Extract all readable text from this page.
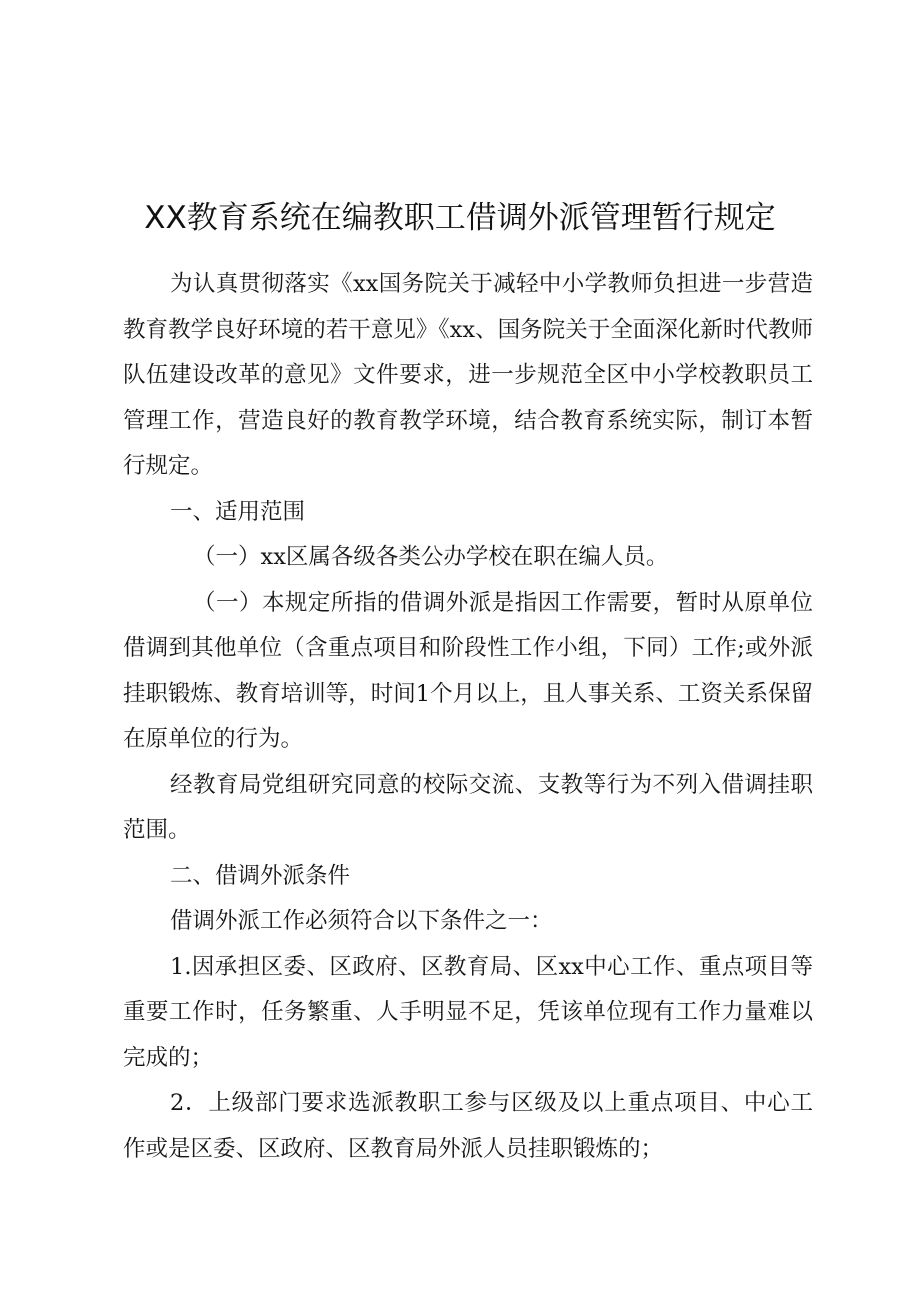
XX教育系统在编教职工借调外派管理暂行规定

为认真贯彻落实《xx国务院关于减轻中小学教师负担进一步营造教育教学良好环境的若干意见》《xx、国务院关于全面深化新时代教师队伍建设改革的意见》文件要求，进一步规范全区中小学校教职员工管理工作，营造良好的教育教学环境，结合教育系统实际，制订本暂行规定。

一、适用范围

（一）xx区属各级各类公办学校在职在编人员。

（一）本规定所指的借调外派是指因工作需要，暂时从原单位借调到其他单位（含重点项目和阶段性工作小组，下同）工作;或外派挂职锻炼、教育培训等，时间1个月以上，且人事关系、工资关系保留在原单位的行为。

经教育局党组研究同意的校际交流、支教等行为不列入借调挂职范围。

二、借调外派条件

借调外派工作必须符合以下条件之一：

1.因承担区委、区政府、区教育局、区xx中心工作、重点项目等重要工作时，任务繁重、人手明显不足，凭该单位现有工作力量难以完成的；

2．上级部门要求选派教职工参与区级及以上重点项目、中心工作或是区委、区政府、区教育局外派人员挂职锻炼的；
